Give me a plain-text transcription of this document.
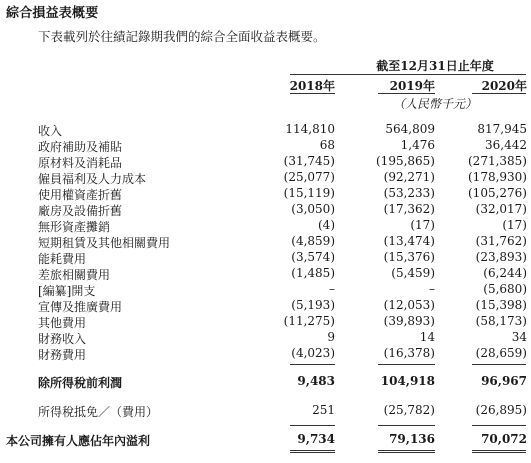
綜合損益表概要
下表載列於往績記錄期我們的綜合全面收益表概要。
截至12月31日止年度
2018年	2019年	2020年
（人民幣千元）
收入	114,810	564,809	817,945
政府補助及補貼	68	1,476	36,442
原材料及消耗品	(31,745)	(195,865)	(271,385)
僱員福利及人力成本	(25,077)	(92,271)	(178,930)
使用權資產折舊	(15,119)	(53,233)	(105,276)
廠房及設備折舊	(3,050)	(17,362)	(32,017)
無形資產攤銷	(4)	(17)	(17)
短期租賃及其他相關費用	(4,859)	(13,474)	(31,762)
能耗費用	(3,574)	(15,376)	(23,893)
差旅相關費用	(1,485)	(5,459)	(6,244)
[編纂]開支	–	–	(5,680)
宣傳及推廣費用	(5,193)	(12,053)	(15,398)
其他費用	(11,275)	(39,893)	(58,173)
財務收入	9	14	34
財務費用	(4,023)	(16,378)	(28,659)
除所得稅前利潤	9,483	104,918	96,967
所得稅抵免／（費用）	251	(25,782)	(26,895)
本公司擁有人應佔年內溢利	9,734	79,136	70,072
